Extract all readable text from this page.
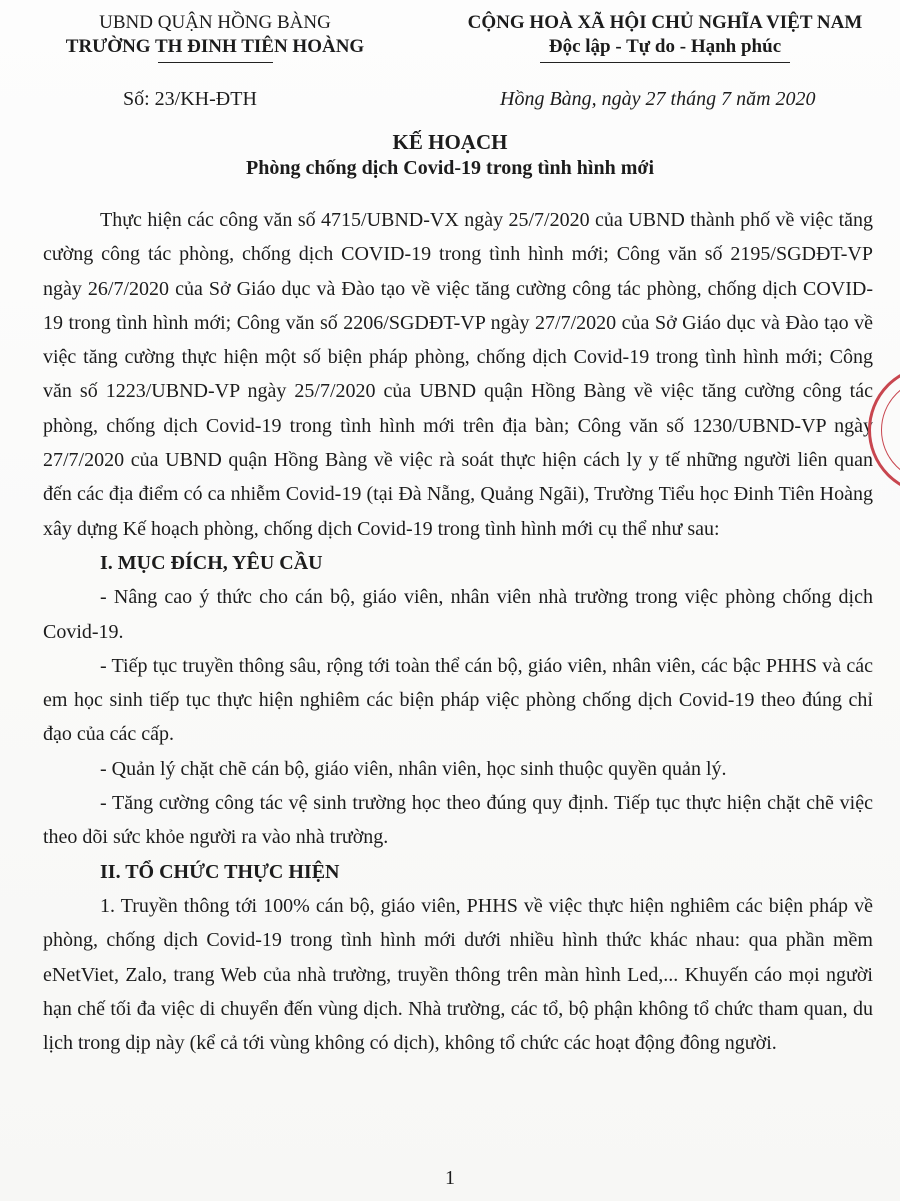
UBND QUẬN HỒNG BÀNG
TRƯỜNG TH ĐINH TIÊN HOÀNG
CỘNG HOÀ XÃ HỘI CHỦ NGHĨA VIỆT NAM
Độc lập - Tự do - Hạnh phúc
Số: 23/KH-ĐTH	Hồng Bàng, ngày 27 tháng 7 năm 2020
KẾ HOẠCH
Phòng chống dịch Covid-19 trong tình hình mới

Thực hiện các công văn số 4715/UBND-VX ngày 25/7/2020 của UBND thành phố về việc tăng cường công tác phòng, chống dịch COVID-19 trong tình hình mới; Công văn số 2195/SGDĐT-VP ngày 26/7/2020 của Sở Giáo dục và Đào tạo về việc tăng cường công tác phòng, chống dịch COVID-19 trong tình hình mới; Công văn số 2206/SGDĐT-VP ngày 27/7/2020 của Sở Giáo dục và Đào tạo về việc tăng cường thực hiện một số biện pháp phòng, chống dịch Covid-19 trong tình hình mới; Công văn số 1223/UBND-VP ngày 25/7/2020 của UBND quận Hồng Bàng về việc tăng cường công tác phòng, chống dịch Covid-19 trong tình hình mới trên địa bàn; Công văn số 1230/UBND-VP ngày 27/7/2020 của UBND quận Hồng Bàng về việc rà soát thực hiện cách ly y tế những người liên quan đến các địa điểm có ca nhiễm Covid-19 (tại Đà Nẵng, Quảng Ngãi), Trường Tiểu học Đinh Tiên Hoàng xây dựng Kế hoạch phòng, chống dịch Covid-19 trong tình hình mới cụ thể như sau:

I. MỤC ĐÍCH, YÊU CẦU

- Nâng cao ý thức cho cán bộ, giáo viên, nhân viên nhà trường trong việc phòng chống dịch Covid-19.

- Tiếp tục truyền thông sâu, rộng tới toàn thể cán bộ, giáo viên, nhân viên, các bậc PHHS và các em học sinh tiếp tục thực hiện nghiêm các biện pháp việc phòng chống dịch Covid-19 theo đúng chỉ đạo của các cấp.

- Quản lý chặt chẽ cán bộ, giáo viên, nhân viên, học sinh thuộc quyền quản lý.

- Tăng cường công tác vệ sinh trường học theo đúng quy định. Tiếp tục thực hiện chặt chẽ việc theo dõi sức khỏe người ra vào nhà trường.

II. TỔ CHỨC THỰC HIỆN

1. Truyền thông tới 100% cán bộ, giáo viên, PHHS về việc thực hiện nghiêm các biện pháp về phòng, chống dịch Covid-19 trong tình hình mới dưới nhiều hình thức khác nhau: qua phần mềm eNetViet, Zalo, trang Web của nhà trường, truyền thông trên màn hình Led,... Khuyến cáo mọi người hạn chế tối đa việc di chuyển đến vùng dịch. Nhà trường, các tổ, bộ phận không tổ chức tham quan, du lịch trong dịp này (kể cả tới vùng không có dịch), không tổ chức các hoạt động đông người.

1
